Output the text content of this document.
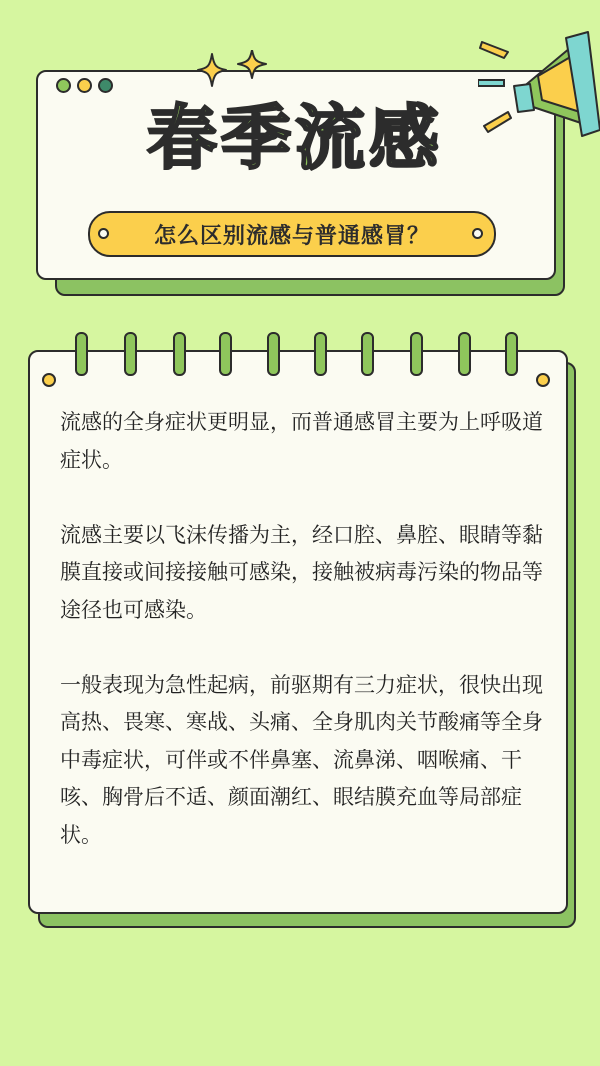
春季流感
怎么区别流感与普通感冒？

流感的全身症状更明显，而普通感冒主要为上呼吸道症状。

流感主要以飞沫传播为主，经口腔、鼻腔、眼睛等黏膜直接或间接接触可感染，接触被病毒污染的物品等途径也可感染。

一般表现为急性起病，前驱期有三力症状，很快出现高热、畏寒、寒战、头痛、全身肌肉关节酸痛等全身中毒症状，可伴或不伴鼻塞、流鼻涕、咽喉痛、干咳、胸骨后不适、颜面潮红、眼结膜充血等局部症状。
